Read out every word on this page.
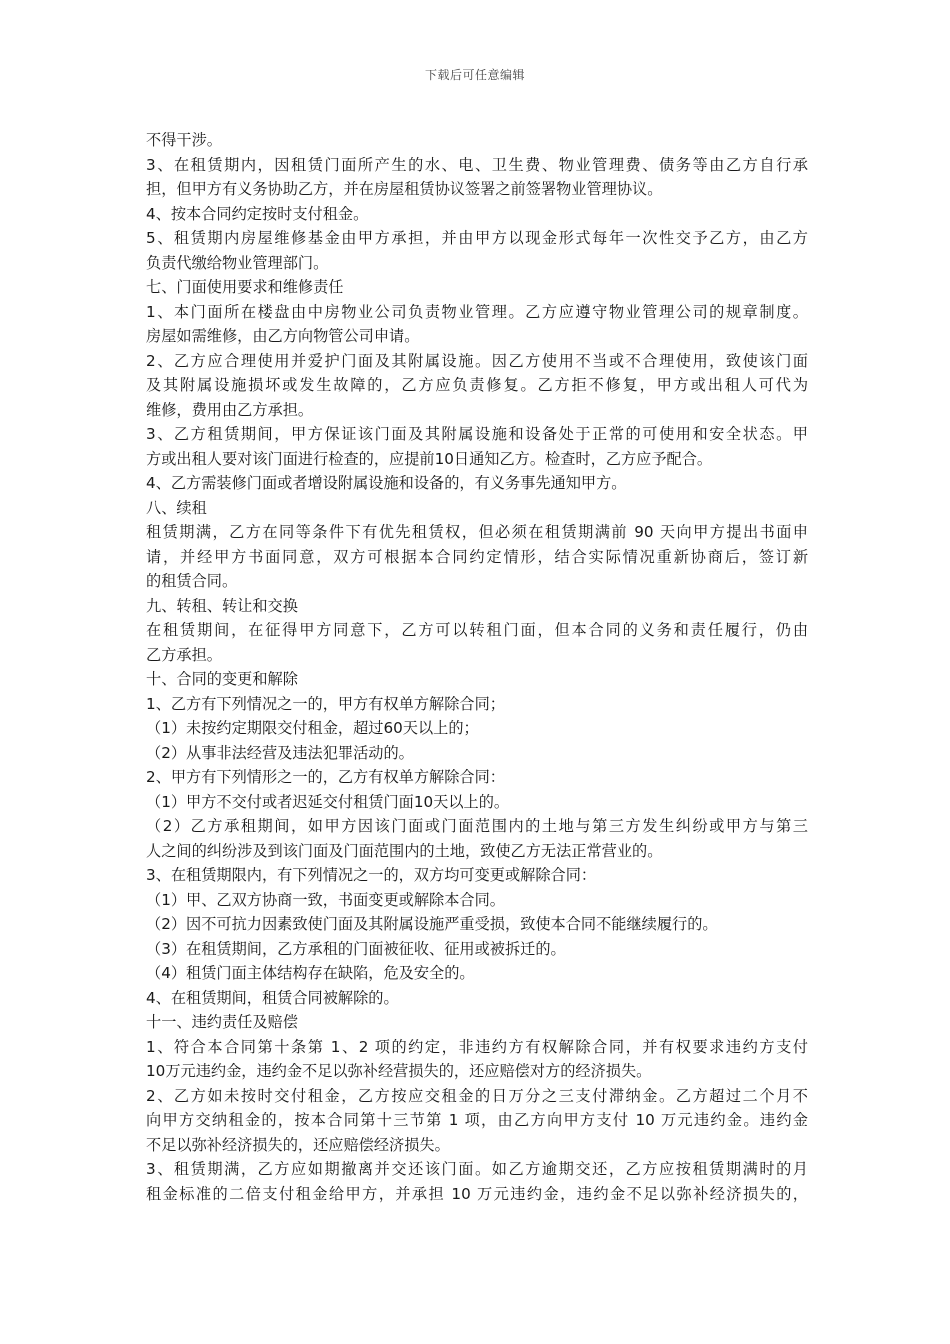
下载后可任意编辑
不得干涉。
3、在租赁期内，因租赁门面所产生的水、电、卫生费、物业管理费、债务等由乙方自行承
担，但甲方有义务协助乙方，并在房屋租赁协议签署之前签署物业管理协议。
4、按本合同约定按时支付租金。
5、租赁期内房屋维修基金由甲方承担，并由甲方以现金形式每年一次性交予乙方，由乙方
负责代缴给物业管理部门。
七、门面使用要求和维修责任
1、本门面所在楼盘由中房物业公司负责物业管理。乙方应遵守物业管理公司的规章制度。
房屋如需维修，由乙方向物管公司申请。
2、乙方应合理使用并爱护门面及其附属设施。因乙方使用不当或不合理使用，致使该门面
及其附属设施损坏或发生故障的，乙方应负责修复。乙方拒不修复，甲方或出租人可代为
维修，费用由乙方承担。
3、乙方租赁期间，甲方保证该门面及其附属设施和设备处于正常的可使用和安全状态。甲
方或出租人要对该门面进行检查的，应提前10日通知乙方。检查时，乙方应予配合。
4、乙方需装修门面或者增设附属设施和设备的，有义务事先通知甲方。
八、续租
租赁期满，乙方在同等条件下有优先租赁权，但必须在租赁期满前 90 天向甲方提出书面申
请，并经甲方书面同意，双方可根据本合同约定情形，结合实际情况重新协商后，签订新
的租赁合同。
九、转租、转让和交换
在租赁期间，在征得甲方同意下，乙方可以转租门面，但本合同的义务和责任履行，仍由
乙方承担。
十、合同的变更和解除
1、乙方有下列情况之一的，甲方有权单方解除合同；
（1）未按约定期限交付租金，超过60天以上的；
（2）从事非法经营及违法犯罪活动的。
2、甲方有下列情形之一的，乙方有权单方解除合同：
（1）甲方不交付或者迟延交付租赁门面10天以上的。
（2）乙方承租期间，如甲方因该门面或门面范围内的土地与第三方发生纠纷或甲方与第三
人之间的纠纷涉及到该门面及门面范围内的土地，致使乙方无法正常营业的。
3、在租赁期限内，有下列情况之一的，双方均可变更或解除合同：
（1）甲、乙双方协商一致，书面变更或解除本合同。
（2）因不可抗力因素致使门面及其附属设施严重受损，致使本合同不能继续履行的。
（3）在租赁期间，乙方承租的门面被征收、征用或被拆迁的。
（4）租赁门面主体结构存在缺陷，危及安全的。
4、在租赁期间，租赁合同被解除的。
十一、违约责任及赔偿
1、符合本合同第十条第 1、2 项的约定，非违约方有权解除合同，并有权要求违约方支付
10万元违约金，违约金不足以弥补经营损失的，还应赔偿对方的经济损失。
2、乙方如未按时交付租金，乙方按应交租金的日万分之三支付滞纳金。乙方超过二个月不
向甲方交纳租金的，按本合同第十三节第 1 项，由乙方向甲方支付 10 万元违约金。违约金
不足以弥补经济损失的，还应赔偿经济损失。
3、租赁期满，乙方应如期撤离并交还该门面。如乙方逾期交还，乙方应按租赁期满时的月
租金标准的二倍支付租金给甲方，并承担 10 万元违约金，违约金不足以弥补经济损失的，
